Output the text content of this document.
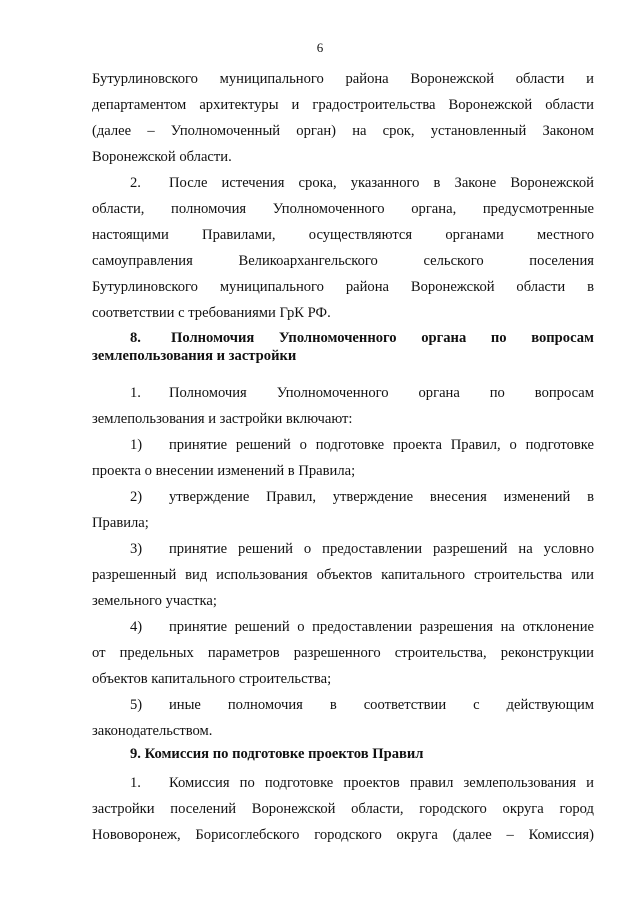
6
Бутурлиновского муниципального района Воронежской области и
департаментом архитектуры и градостроительства Воронежской области
(далее – Уполномоченный орган) на срок, установленный Законом
Воронежской области.
2. После истечения срока, указанного в Законе Воронежской
области, полномочия Уполномоченного органа, предусмотренные
настоящими Правилами, осуществляются органами местного
самоуправления Великоархангельского сельского поселения
Бутурлиновского муниципального района Воронежской области в
соответствии с требованиями ГрК РФ.
8. Полномочия Уполномоченного органа по вопросам
землепользования и застройки
1. Полномочия Уполномоченного органа по вопросам
землепользования и застройки включают:
1) принятие решений о подготовке проекта Правил, о подготовке
проекта о внесении изменений в Правила;
2) утверждение Правил, утверждение внесения изменений в
Правила;
3) принятие решений о предоставлении разрешений на условно
разрешенный вид использования объектов капитального строительства или
земельного участка;
4) принятие решений о предоставлении разрешения на отклонение
от предельных параметров разрешенного строительства, реконструкции
объектов капитального строительства;
5) иные полномочия в соответствии с действующим
законодательством.
9. Комиссия по подготовке проектов Правил
1. Комиссия по подготовке проектов правил землепользования и
застройки поселений Воронежской области, городского округа город
Нововоронеж, Борисоглебского городского округа (далее – Комиссия)
